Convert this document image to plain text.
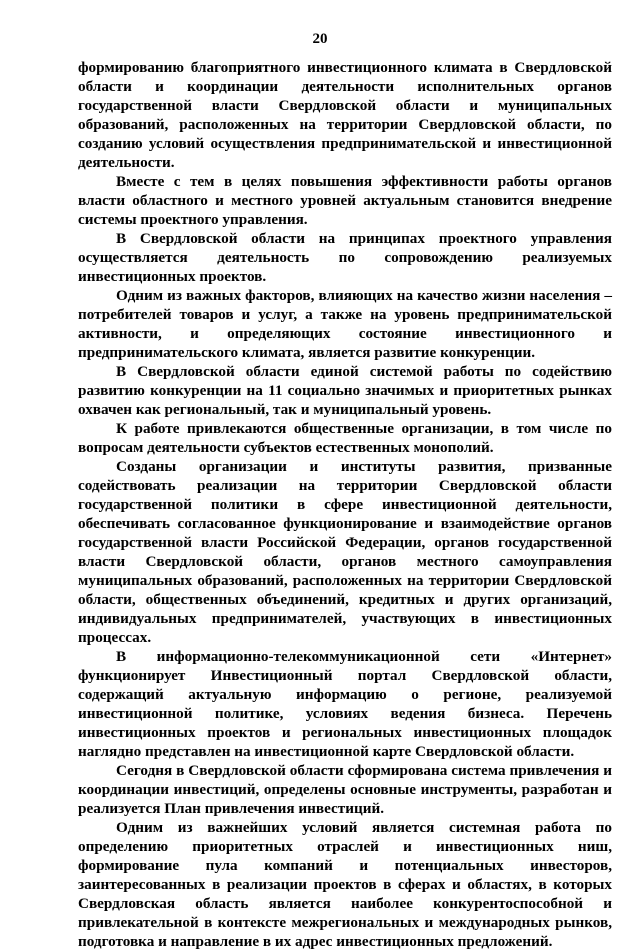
20

формированию благоприятного инвестиционного климата в Свердловской области и координации деятельности исполнительных органов государственной власти Свердловской области и муниципальных образований, расположенных на территории Свердловской области, по созданию условий осуществления предпринимательской и инвестиционной деятельности.

Вместе с тем в целях повышения эффективности работы органов власти областного и местного уровней актуальным становится внедрение системы проектного управления.

В Свердловской области на принципах проектного управления осуществляется деятельность по сопровождению реализуемых инвестиционных проектов.

Одним из важных факторов, влияющих на качество жизни населения – потребителей товаров и услуг, а также на уровень предпринимательской активности, и определяющих состояние инвестиционного и предпринимательского климата, является развитие конкуренции.

В Свердловской области единой системой работы по содействию развитию конкуренции на 11 социально значимых и приоритетных рынках охвачен как региональный, так и муниципальный уровень.

К работе привлекаются общественные организации, в том числе по вопросам деятельности субъектов естественных монополий.

Созданы организации и институты развития, призванные содействовать реализации на территории Свердловской области государственной политики в сфере инвестиционной деятельности, обеспечивать согласованное функционирование и взаимодействие органов государственной власти Российской Федерации, органов государственной власти Свердловской области, органов местного самоуправления муниципальных образований, расположенных на территории Свердловской области, общественных объединений, кредитных и других организаций, индивидуальных предпринимателей, участвующих в инвестиционных процессах.

В информационно-телекоммуникационной сети «Интернет» функционирует Инвестиционный портал Свердловской области, содержащий актуальную информацию о регионе, реализуемой инвестиционной политике, условиях ведения бизнеса. Перечень инвестиционных проектов и региональных инвестиционных площадок наглядно представлен на инвестиционной карте Свердловской области.

Сегодня в Свердловской области сформирована система привлечения и координации инвестиций, определены основные инструменты, разработан и реализуется План привлечения инвестиций.

Одним из важнейших условий является системная работа по определению приоритетных отраслей и инвестиционных ниш, формирование пула компаний и потенциальных инвесторов, заинтересованных в реализации проектов в сферах и областях, в которых Свердловская область является наиболее конкурентоспособной и привлекательной в контексте межрегиональных и международных рынков, подготовка и направление в их адрес инвестиционных предложений.
